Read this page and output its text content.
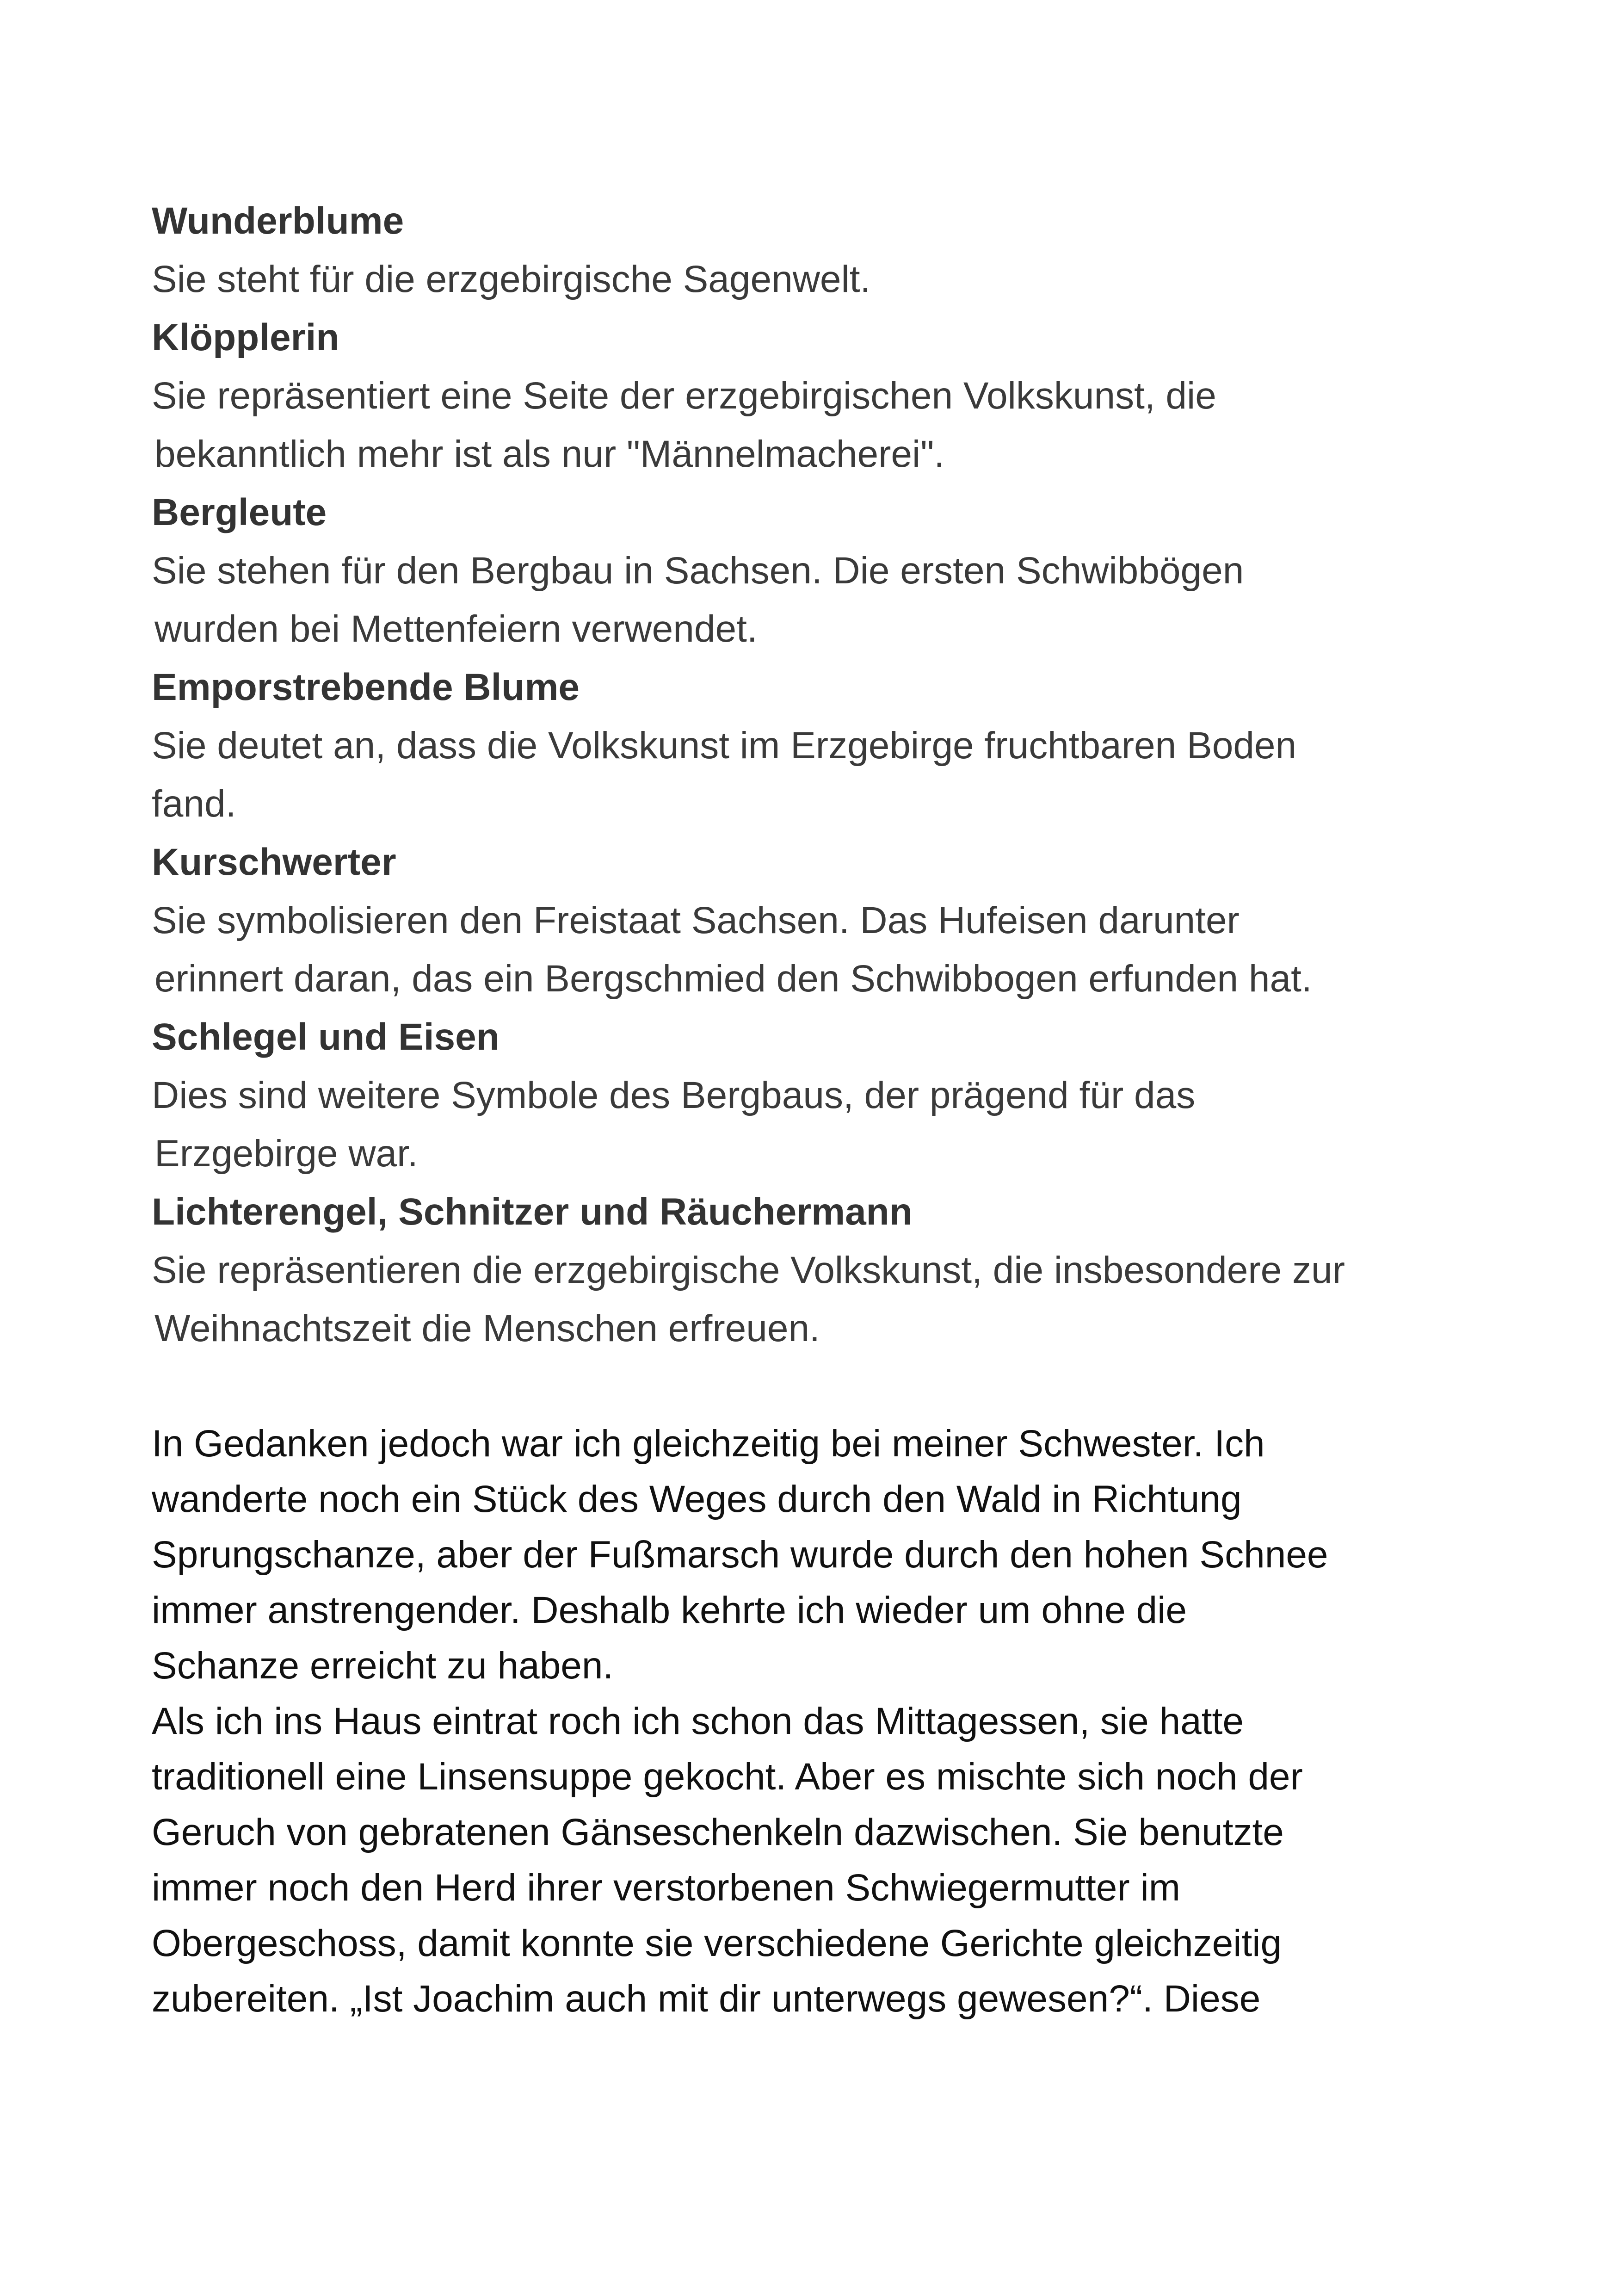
Wunderblume

Sie steht für die erzgebirgische Sagenwelt.

Klöpplerin

Sie repräsentiert eine Seite der erzgebirgischen Volkskunst, die
bekanntlich mehr ist als nur "Männelmacherei".

Bergleute

Sie stehen für den Bergbau in Sachsen. Die ersten Schwibbögen
wurden bei Mettenfeiern verwendet.

Emporstrebende Blume

Sie deutet an, dass die Volkskunst im Erzgebirge fruchtbaren Boden
fand.

Kurschwerter

Sie symbolisieren den Freistaat Sachsen. Das Hufeisen darunter
erinnert daran, das ein Bergschmied den Schwibbogen erfunden hat.

Schlegel und Eisen

Dies sind weitere Symbole des Bergbaus, der prägend für das
Erzgebirge war.

Lichterengel, Schnitzer und Räuchermann

Sie repräsentieren die erzgebirgische Volkskunst, die insbesondere zur
Weihnachtszeit die Menschen erfreuen.

In Gedanken jedoch war ich gleichzeitig bei meiner Schwester. Ich
wanderte noch ein Stück des Weges durch den Wald in Richtung
Sprungschanze, aber der Fußmarsch wurde durch den hohen Schnee
immer anstrengender. Deshalb kehrte ich wieder um ohne die
Schanze erreicht zu haben.

Als ich ins Haus eintrat roch ich schon das Mittagessen, sie hatte
traditionell eine Linsensuppe gekocht. Aber es mischte sich noch der
Geruch von gebratenen Gänseschenkeln dazwischen. Sie benutzte
immer noch den Herd ihrer verstorbenen Schwiegermutter im
Obergeschoss, damit konnte sie verschiedene Gerichte gleichzeitig
zubereiten. „Ist Joachim auch mit dir unterwegs gewesen?“. Diese
